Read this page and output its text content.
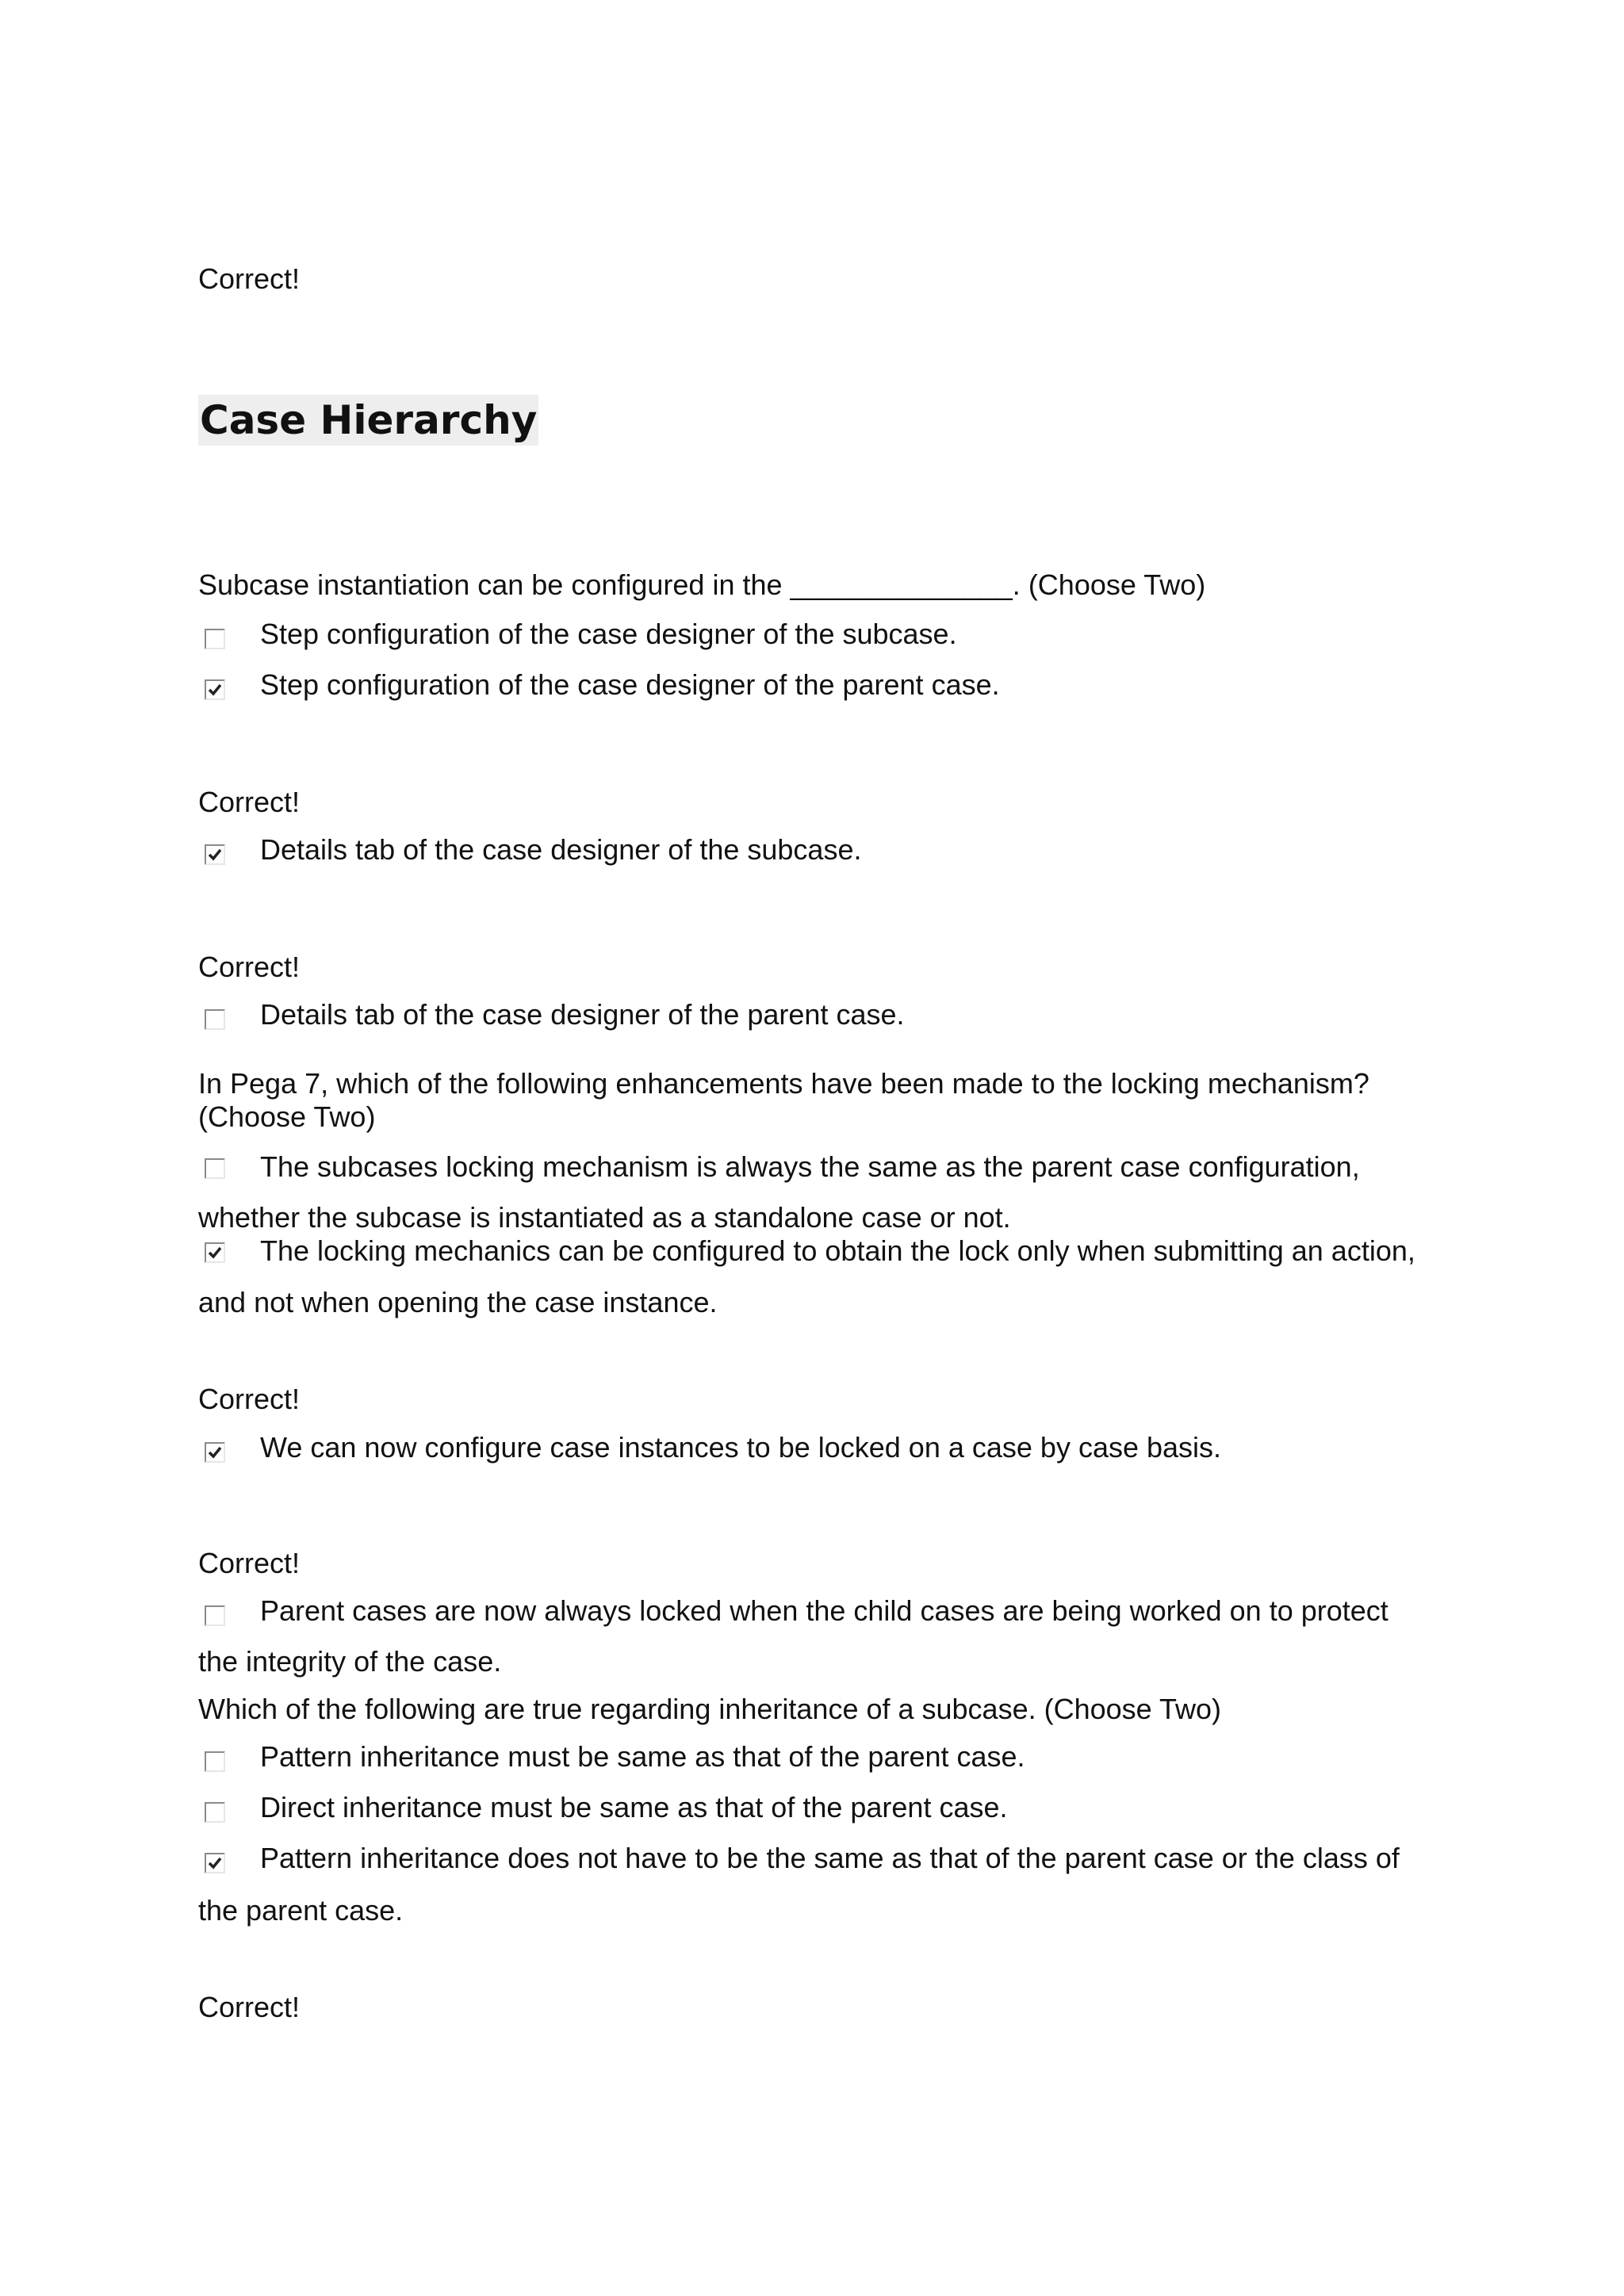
Correct!
Case Hierarchy
Subcase instantiation can be configured in the ______________. (Choose Two)
Step configuration of the case designer of the subcase.
Step configuration of the case designer of the parent case.
Correct!
Details tab of the case designer of the subcase.
Correct!
Details tab of the case designer of the parent case.
In Pega 7, which of the following enhancements have been made to the locking mechanism?
(Choose Two)
The subcases locking mechanism is always the same as the parent case configuration,
whether the subcase is instantiated as a standalone case or not.
The locking mechanics can be configured to obtain the lock only when submitting an action,
and not when opening the case instance.
Correct!
We can now configure case instances to be locked on a case by case basis.
Correct!
Parent cases are now always locked when the child cases are being worked on to protect
the integrity of the case.
Which of the following are true regarding inheritance of a subcase. (Choose Two)
Pattern inheritance must be same as that of the parent case.
Direct inheritance must be same as that of the parent case.
Pattern inheritance does not have to be the same as that of the parent case or the class of
the parent case.
Correct!
